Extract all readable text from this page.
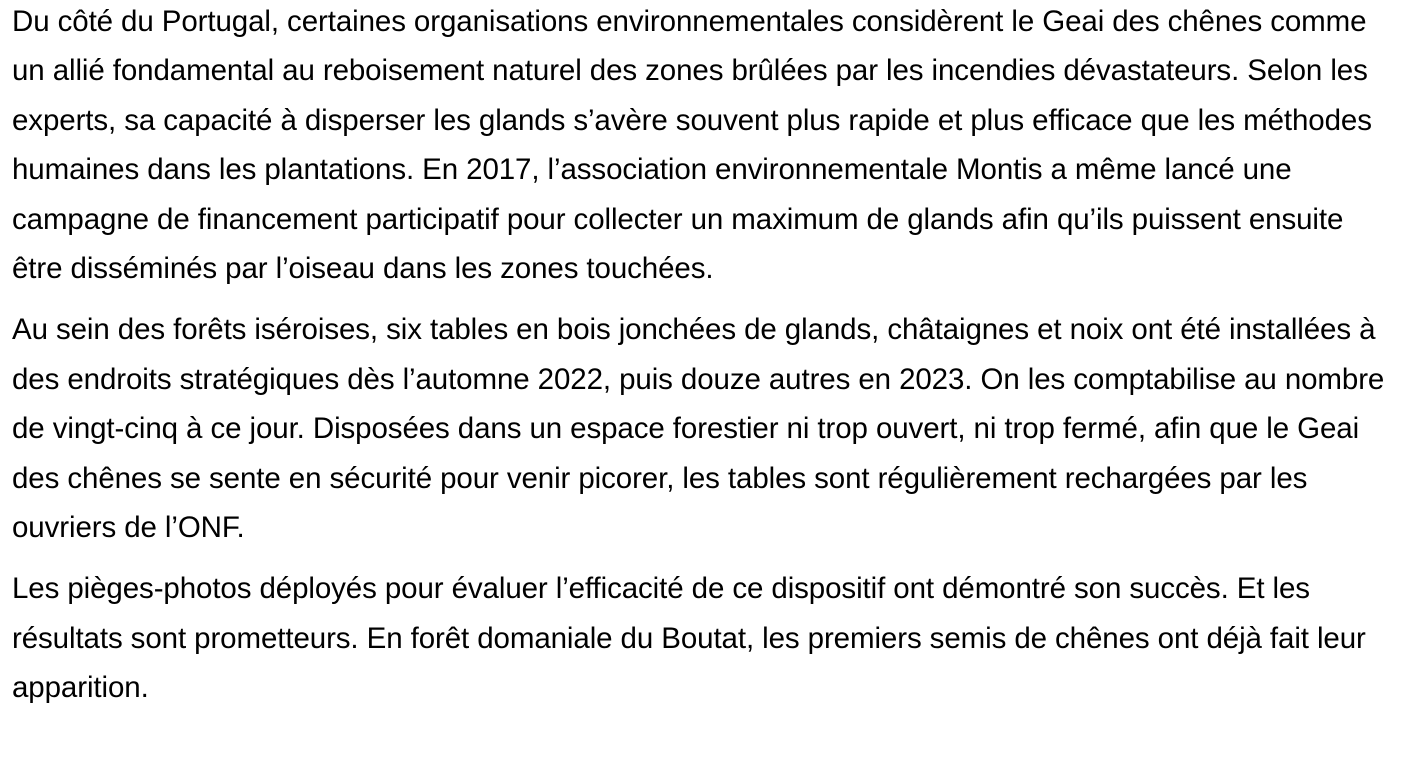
Du côté du Portugal, certaines organisations environnementales considèrent le Geai des chênes comme un allié fondamental au reboisement naturel des zones brûlées par les incendies dévastateurs. Selon les experts, sa capacité à disperser les glands s’avère souvent plus rapide et plus efficace que les méthodes humaines dans les plantations. En 2017, l’association environnementale Montis a même lancé une campagne de financement participatif pour collecter un maximum de glands afin qu’ils puissent ensuite être disséminés par l’oiseau dans les zones touchées.

Au sein des forêts iséroises, six tables en bois jonchées de glands, châtaignes et noix ont été installées à des endroits stratégiques dès l’automne 2022, puis douze autres en 2023. On les comptabilise au nombre de vingt-cinq à ce jour. Disposées dans un espace forestier ni trop ouvert, ni trop fermé, afin que le Geai des chênes se sente en sécurité pour venir picorer, les tables sont régulièrement rechargées par les ouvriers de l’ONF.

Les pièges-photos déployés pour évaluer l’efficacité de ce dispositif ont démontré son succès. Et les résultats sont prometteurs. En forêt domaniale du Boutat, les premiers semis de chênes ont déjà fait leur apparition.
